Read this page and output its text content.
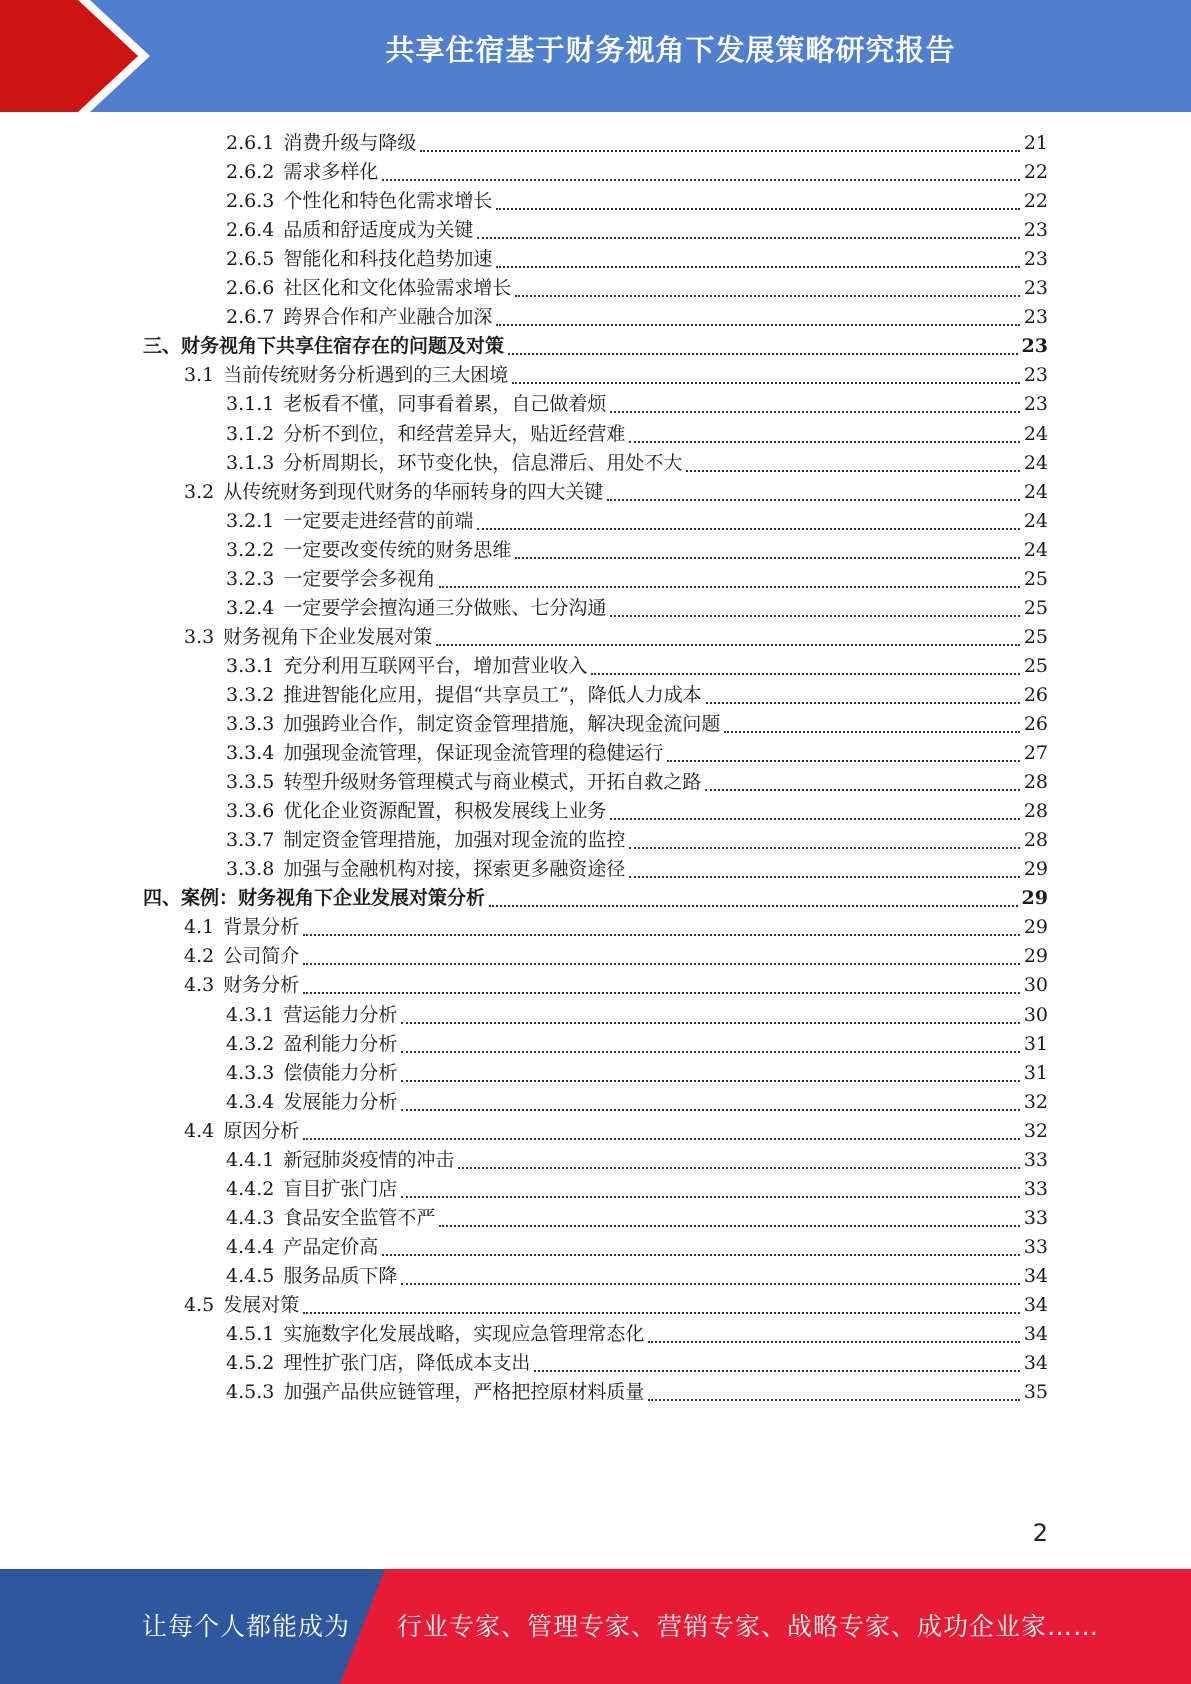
共享住宿基于财务视角下发展策略研究报告
2.6.1 消费升级与降级	21
2.6.2 需求多样化	22
2.6.3 个性化和特色化需求增长	22
2.6.4 品质和舒适度成为关键	23
2.6.5 智能化和科技化趋势加速	23
2.6.6 社区化和文化体验需求增长	23
2.6.7 跨界合作和产业融合加深	23
三、财务视角下共享住宿存在的问题及对策	23
3.1 当前传统财务分析遇到的三大困境	23
3.1.1 老板看不懂，同事看着累，自己做着烦	23
3.1.2 分析不到位，和经营差异大，贴近经营难	24
3.1.3 分析周期长，环节变化快，信息滞后、用处不大	24
3.2 从传统财务到现代财务的华丽转身的四大关键	24
3.2.1 一定要走进经营的前端	24
3.2.2 一定要改变传统的财务思维	24
3.2.3 一定要学会多视角	25
3.2.4 一定要学会擅沟通三分做账、七分沟通	25
3.3 财务视角下企业发展对策	25
3.3.1 充分利用互联网平台，增加营业收入	25
3.3.2 推进智能化应用，提倡“共享员工”，降低人力成本	26
3.3.3 加强跨业合作，制定资金管理措施，解决现金流问题	26
3.3.4 加强现金流管理，保证现金流管理的稳健运行	27
3.3.5 转型升级财务管理模式与商业模式，开拓自救之路	28
3.3.6 优化企业资源配置，积极发展线上业务	28
3.3.7 制定资金管理措施，加强对现金流的监控	28
3.3.8 加强与金融机构对接，探索更多融资途径	29
四、案例：财务视角下企业发展对策分析	29
4.1 背景分析	29
4.2 公司简介	29
4.3 财务分析	30
4.3.1 营运能力分析	30
4.3.2 盈利能力分析	31
4.3.3 偿债能力分析	31
4.3.4 发展能力分析	32
4.4 原因分析	32
4.4.1 新冠肺炎疫情的冲击	33
4.4.2 盲目扩张门店	33
4.4.3 食品安全监管不严	33
4.4.4 产品定价高	33
4.4.5 服务品质下降	34
4.5 发展对策	34
4.5.1 实施数字化发展战略，实现应急管理常态化	34
4.5.2 理性扩张门店，降低成本支出	34
4.5.3 加强产品供应链管理，严格把控原材料质量	35
2
让每个人都能成为 行业专家、管理专家、营销专家、战略专家、成功企业家……
